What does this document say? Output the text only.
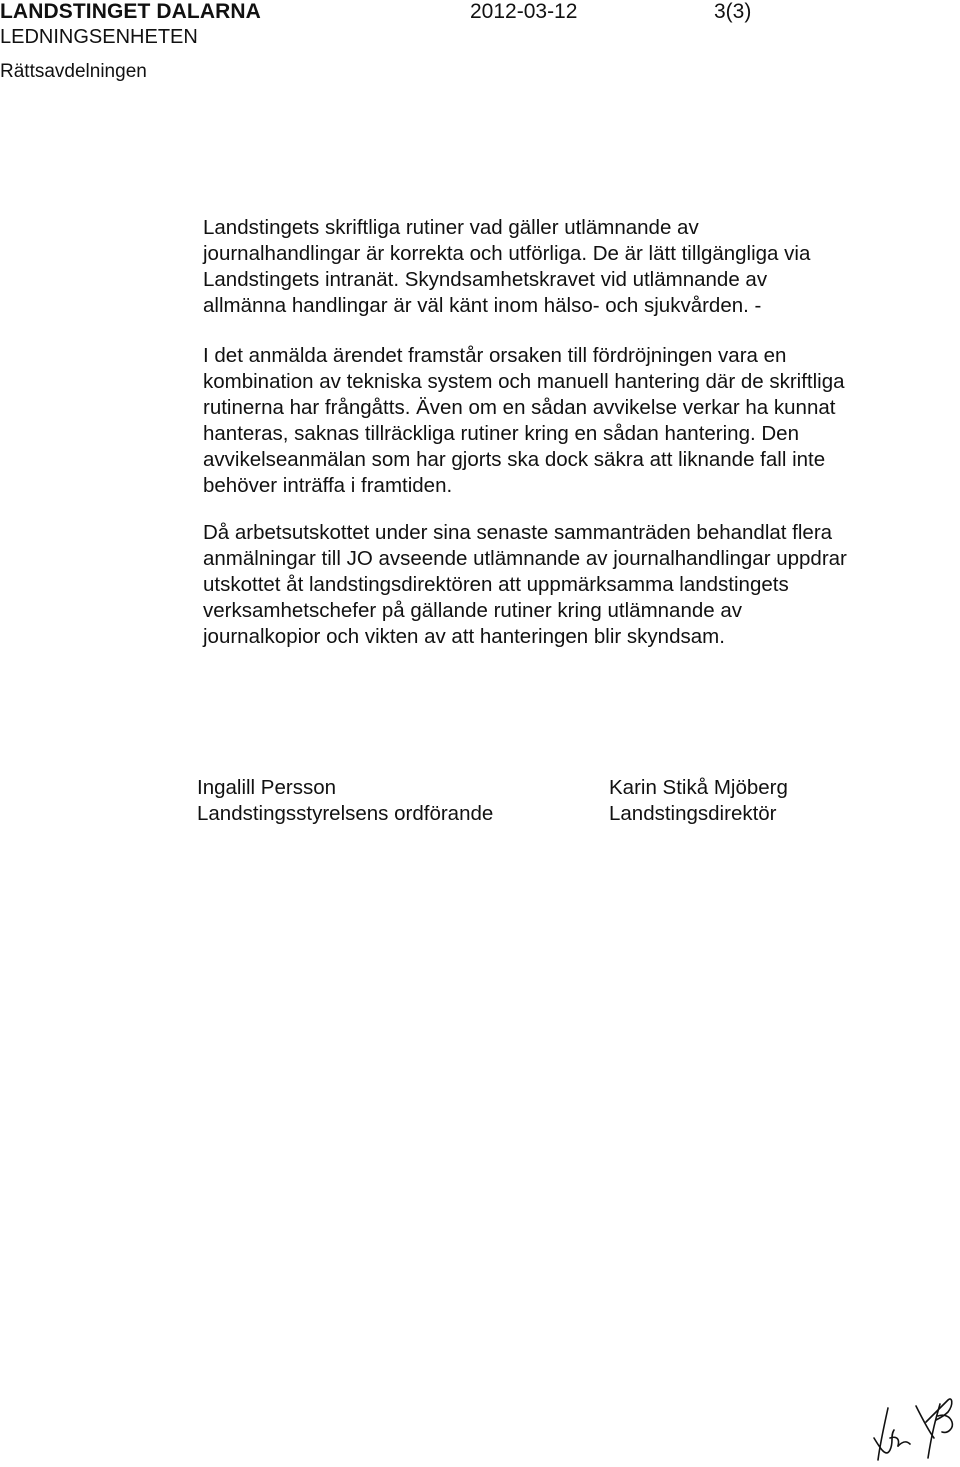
LANDSTINGET DALARNA
LEDNINGSENHETEN
Rättsavdelningen
2012-03-12	3(3)

Landstingets skriftliga rutiner vad gäller utlämnande av
journalhandlingar är korrekta och utförliga. De är lätt tillgängliga via
Landstingets intranät. Skyndsamhetskravet vid utlämnande av
allmänna handlingar är väl känt inom hälso- och sjukvården. -

I det anmälda ärendet framstår orsaken till fördröjningen vara en
kombination av tekniska system och manuell hantering där de skriftliga
rutinerna har frångåtts. Även om en sådan avvikelse verkar ha kunnat
hanteras, saknas tillräckliga rutiner kring en sådan hantering. Den
avvikelseanmälan som har gjorts ska dock säkra att liknande fall inte
behöver inträffa i framtiden.

Då arbetsutskottet under sina senaste sammanträden behandlat flera
anmälningar till JO avseende utlämnande av journalhandlingar uppdrar
utskottet åt landstingsdirektören att uppmärksamma landstingets
verksamhetschefer på gällande rutiner kring utlämnande av
journalkopior och vikten av att hanteringen blir skyndsam.

Ingalill Persson
Landstingsstyrelsens ordförande
Karin Stikå Mjöberg
Landstingsdirektör
